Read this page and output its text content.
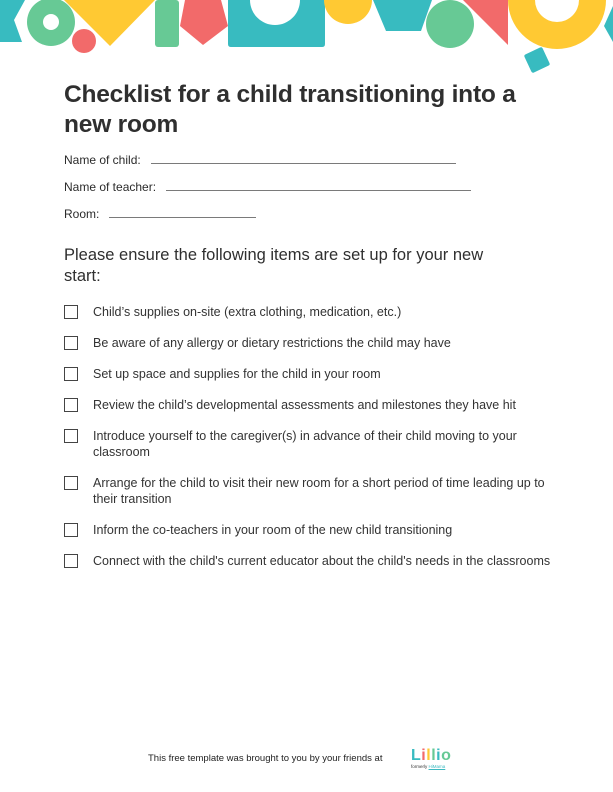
Checklist for a child transitioning into a new room
Name of child:
Name of teacher:
Room:
Please ensure the following items are set up for your new start:
Child’s supplies on-site (extra clothing, medication, etc.)
Be aware of any allergy or dietary restrictions the child may have
Set up space and supplies for the child in your room
Review the child’s developmental assessments and milestones they have hit
Introduce yourself to the caregiver(s) in advance of their child moving to your classroom
Arrange for the child to visit their new room for a short period of time leading up to their transition
Inform the co-teachers in your room of the new child transitioning
Connect with the child's current educator about the child's needs in the classrooms
This free template was brought to you by your friends at Lillio
formerly HiMama
